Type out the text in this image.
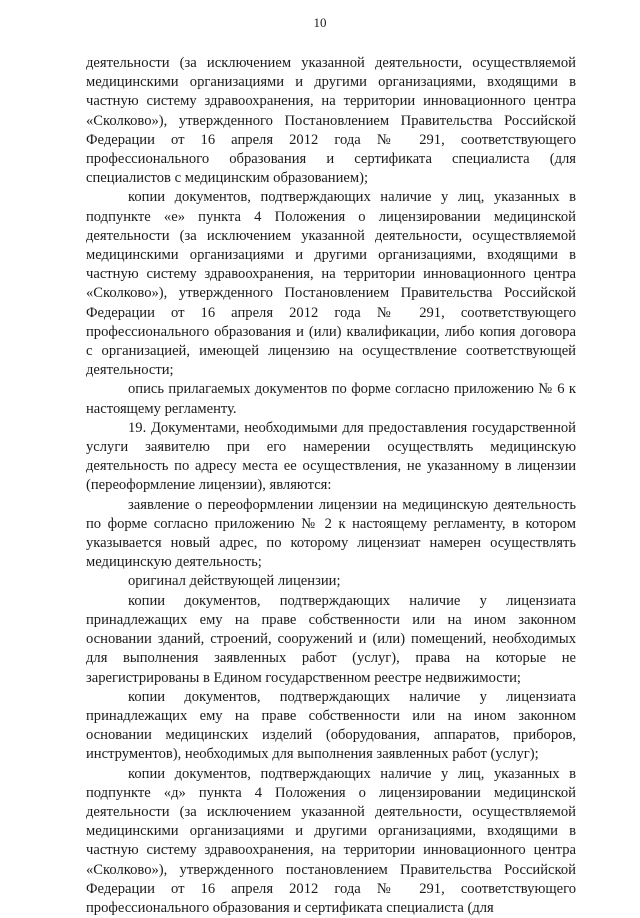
10

деятельности (за исключением указанной деятельности, осуществляемой медицинскими организациями и другими организациями, входящими в частную систему здравоохранения, на территории инновационного центра «Сколково»), утвержденного Постановлением Правительства Российской Федерации от 16 апреля 2012 года № 291, соответствующего профессионального образования и сертификата специалиста (для специалистов с медицинским образованием);

копии документов, подтверждающих наличие у лиц, указанных в подпункте «е» пункта 4 Положения о лицензировании медицинской деятельности (за исключением указанной деятельности, осуществляемой медицинскими организациями и другими организациями, входящими в частную систему здравоохранения, на территории инновационного центра «Сколково»), утвержденного Постановлением Правительства Российской Федерации от 16 апреля 2012 года № 291, соответствующего профессионального образования и (или) квалификации, либо копия договора с организацией, имеющей лицензию на осуществление соответствующей деятельности;

опись прилагаемых документов по форме согласно приложению № 6 к настоящему регламенту.

19. Документами, необходимыми для предоставления государственной услуги заявителю при его намерении осуществлять медицинскую деятельность по адресу места ее осуществления, не указанному в лицензии (переоформление лицензии), являются:

заявление о переоформлении лицензии на медицинскую деятельность по форме согласно приложению № 2 к настоящему регламенту, в котором указывается новый адрес, по которому лицензиат намерен осуществлять медицинскую деятельность;

оригинал действующей лицензии;

копии документов, подтверждающих наличие у лицензиата принадлежащих ему на праве собственности или на ином законном основании зданий, строений, сооружений и (или) помещений, необходимых для выполнения заявленных работ (услуг), права на которые не зарегистрированы в Едином государственном реестре недвижимости;

копии документов, подтверждающих наличие у лицензиата принадлежащих ему на праве собственности или на ином законном основании медицинских изделий (оборудования, аппаратов, приборов, инструментов), необходимых для выполнения заявленных работ (услуг);

копии документов, подтверждающих наличие у лиц, указанных в подпункте «д» пункта 4 Положения о лицензировании медицинской деятельности (за исключением указанной деятельности, осуществляемой медицинскими организациями и другими организациями, входящими в частную систему здравоохранения, на территории инновационного центра «Сколково»), утвержденного постановлением Правительства Российской Федерации от 16 апреля 2012 года № 291, соответствующего профессионального образования и сертификата специалиста (для
